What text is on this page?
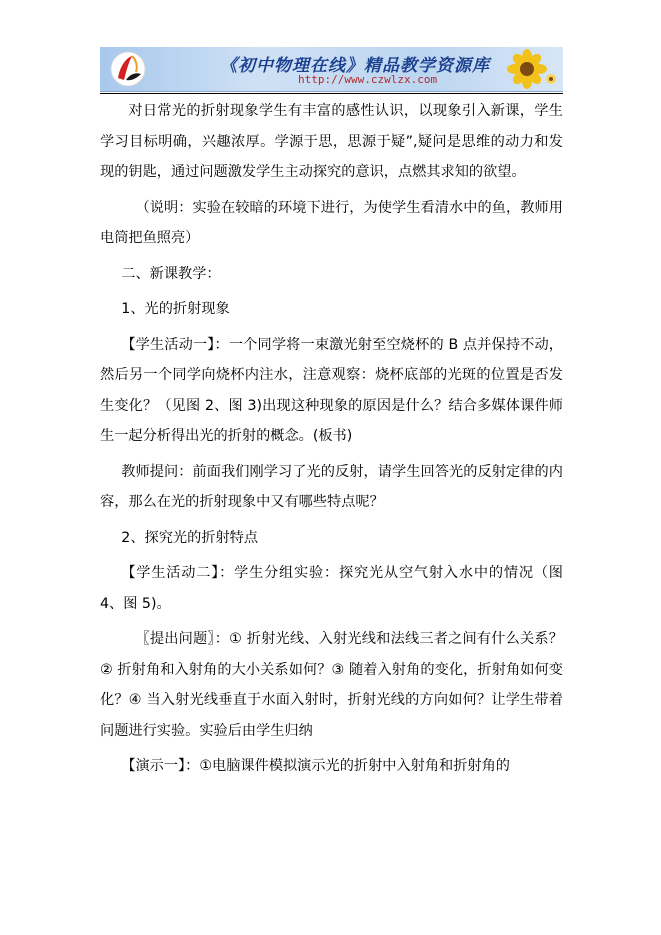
《初中物理在线》精品教学资源库
http://www.czwlzx.com

对日常光的折射现象学生有丰富的感性认识，以现象引入新课，学生学习目标明确，兴趣浓厚。学源于思，思源于疑”,疑问是思维的动力和发现的钥匙，通过问题激发学生主动探究的意识，点燃其求知的欲望。

（说明：实验在较暗的环境下进行，为使学生看清水中的鱼，教师用电筒把鱼照亮）

二、新课教学：

1、光的折射现象

【学生活动一】：一个同学将一束激光射至空烧杯的 B 点并保持不动，然后另一个同学向烧杯内注水，注意观察：烧杯底部的光斑的位置是否发生变化？（见图 2、图 3)出现这种现象的原因是什么？结合多媒体课件师生一起分析得出光的折射的概念。(板书)

教师提问：前面我们刚学习了光的反射，请学生回答光的反射定律的内容，那么在光的折射现象中又有哪些特点呢？

2、探究光的折射特点

【学生活动二】：学生分组实验：探究光从空气射入水中的情况（图 4、图 5)。

〖提出问题〗：① 折射光线、入射光线和法线三者之间有什么关系？② 折射角和入射角的大小关系如何？③ 随着入射角的变化，折射角如何变化？④ 当入射光线垂直于水面入射时，折射光线的方向如何？让学生带着问题进行实验。实验后由学生归纳

【演示一】：①电脑课件模拟演示光的折射中入射角和折射角的
